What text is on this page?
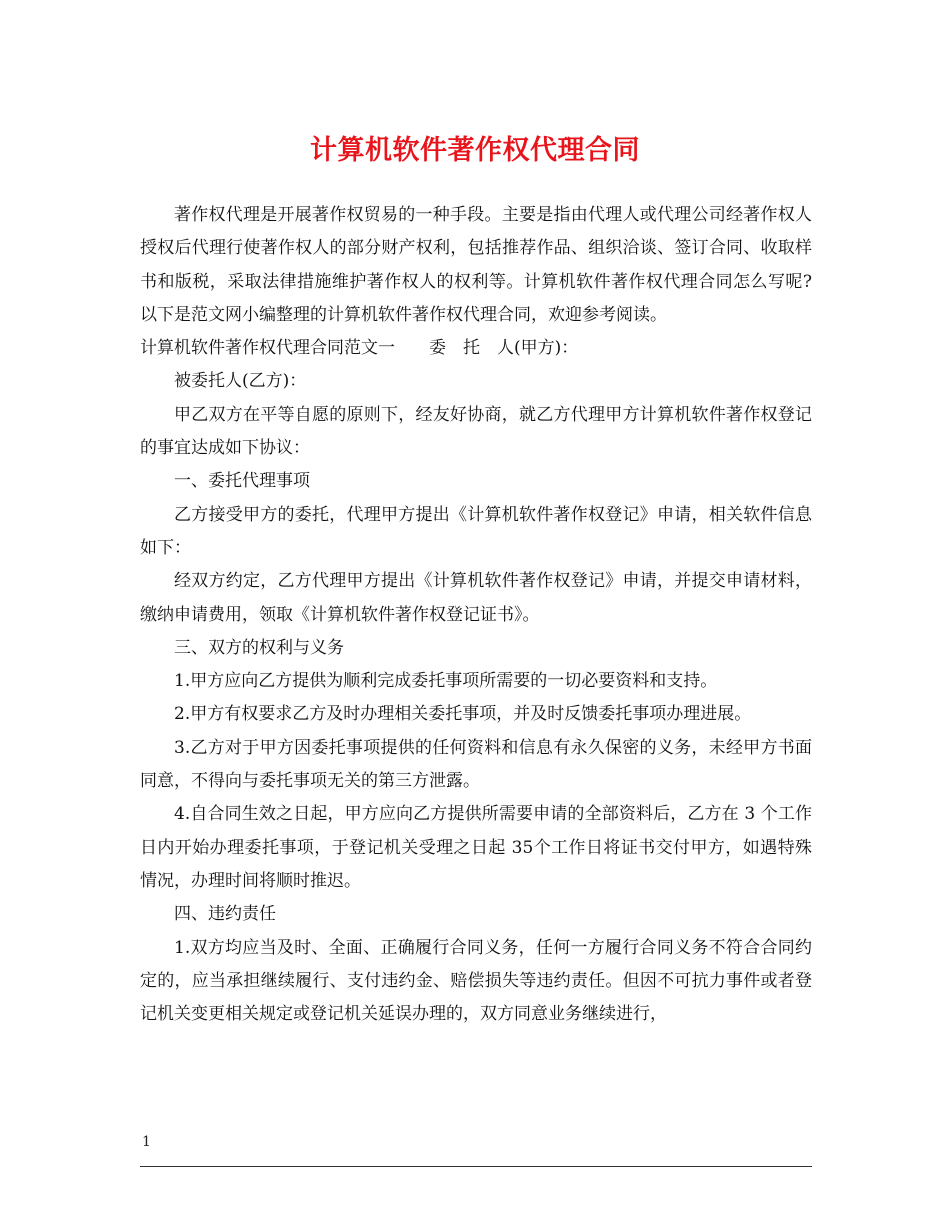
计算机软件著作权代理合同

著作权代理是开展著作权贸易的一种手段。主要是指由代理人或代理公司经著作权人授权后代理行使著作权人的部分财产权利，包括推荐作品、组织洽谈、签订合同、收取样书和版税，采取法律措施维护著作权人的权利等。计算机软件著作权代理合同怎么写呢?以下是范文网小编整理的计算机软件著作权代理合同，欢迎参考阅读。

计算机软件著作权代理合同范文一　　委　托　人(甲方)：

被委托人(乙方)：

甲乙双方在平等自愿的原则下，经友好协商，就乙方代理甲方计算机软件著作权登记的事宜达成如下协议：

一、委托代理事项

乙方接受甲方的委托，代理甲方提出《计算机软件著作权登记》申请，相关软件信息如下：

经双方约定，乙方代理甲方提出《计算机软件著作权登记》申请，并提交申请材料，缴纳申请费用，领取《计算机软件著作权登记证书》。

三、双方的权利与义务

1.甲方应向乙方提供为顺利完成委托事项所需要的一切必要资料和支持。

2.甲方有权要求乙方及时办理相关委托事项，并及时反馈委托事项办理进展。

3.乙方对于甲方因委托事项提供的任何资料和信息有永久保密的义务，未经甲方书面同意，不得向与委托事项无关的第三方泄露。

4.自合同生效之日起，甲方应向乙方提供所需要申请的全部资料后，乙方在 3 个工作日内开始办理委托事项，于登记机关受理之日起 35个工作日将证书交付甲方，如遇特殊情况，办理时间将顺时推迟。

四、违约责任

1.双方均应当及时、全面、正确履行合同义务，任何一方履行合同义务不符合合同约定的，应当承担继续履行、支付违约金、赔偿损失等违约责任。但因不可抗力事件或者登记机关变更相关规定或登记机关延误办理的，双方同意业务继续进行，

1
